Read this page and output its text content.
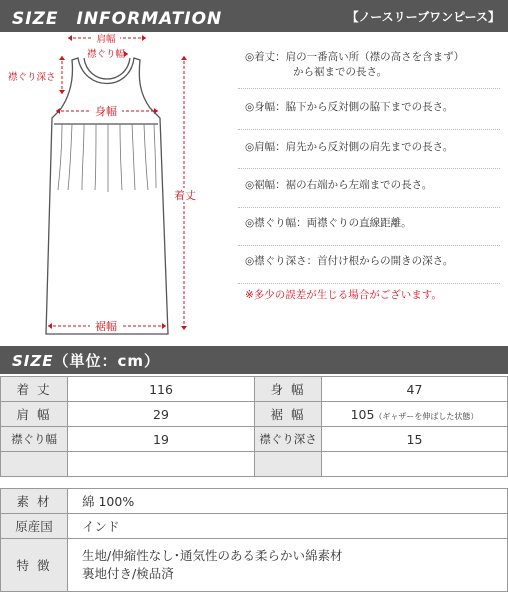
SIZE　INFORMATION	【ノースリーブワンピース】
肩幅
襟ぐり幅
襟ぐり深さ
身幅
着丈
裾幅
◎着丈：肩の一番高い所（襟の高さを含まず）
から裾までの長さ。
◎身幅：脇下から反対側の脇下までの長さ。
◎肩幅：肩先から反対側の肩先までの長さ。
◎裾幅：裾の右端から左端までの長さ。
◎襟ぐり幅：両襟ぐりの直線距離。
◎襟ぐり深さ：首付け根からの開きの深さ。
※多少の誤差が生じる場合がございます。
SIZE（単位：cm）
着 丈	116	身 幅	47
肩 幅	29	裾 幅	105（ギャザーを伸ばした状態）
襟ぐり幅	19	襟ぐり深さ	15

素 材	綿 100%
原産国	インド
特 徴	生地/伸縮性なし･通気性のある柔らかい綿素材
裏地付き/検品済
